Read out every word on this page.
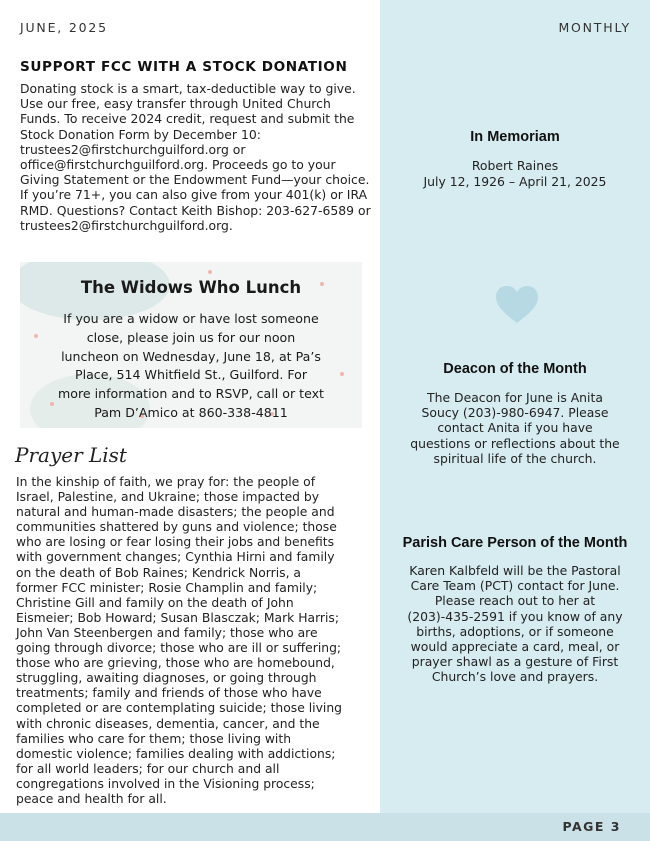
JUNE, 2025	MONTHLY
SUPPORT FCC WITH A STOCK DONATION
Donating stock is a smart, tax-deductible way to give.
Use our free, easy transfer through United Church
Funds. To receive 2024 credit, request and submit the
Stock Donation Form by December 10:
trustees2@firstchurchguilford.org or
office@firstchurchguilford.org. Proceeds go to your
Giving Statement or the Endowment Fund—your choice.
If you’re 71+, you can also give from your 401(k) or IRA
RMD. Questions? Contact Keith Bishop: 203-627-6589 or
trustees2@firstchurchguilford.org.
The Widows Who Lunch
If you are a widow or have lost someone
close, please join us for our noon
luncheon on Wednesday, June 18, at Pa’s
Place, 514 Whitfield St., Guilford. For
more information and to RSVP, call or text
Pam D’Amico at 860-338-4811
Prayer List
In the kinship of faith, we pray for: the people of
Israel, Palestine, and Ukraine; those impacted by
natural and human-made disasters; the people and
communities shattered by guns and violence; those
who are losing or fear losing their jobs and benefits
with government changes; Cynthia Hirni and family
on the death of Bob Raines; Kendrick Norris, a
former FCC minister; Rosie Champlin and family;
Christine Gill and family on the death of John
Eismeier; Bob Howard; Susan Blasczak; Mark Harris;
John Van Steenbergen and family; those who are
going through divorce; those who are ill or suffering;
those who are grieving, those who are homebound,
struggling, awaiting diagnoses, or going through
treatments; family and friends of those who have
completed or are contemplating suicide; those living
with chronic diseases, dementia, cancer, and the
families who care for them; those living with
domestic violence; families dealing with addictions;
for all world leaders; for our church and all
congregations involved in the Visioning process;
peace and health for all.
In Memoriam
Robert Raines
July 12, 1926 – April 21, 2025
Deacon of the Month
The Deacon for June is Anita
Soucy (203)-980-6947. Please
contact Anita if you have
questions or reflections about the
spiritual life of the church.
Parish Care Person of the Month
Karen Kalbfeld will be the Pastoral
Care Team (PCT) contact for June.
Please reach out to her at
(203)-435-2591 if you know of any
births, adoptions, or if someone
would appreciate a card, meal, or
prayer shawl as a gesture of First
Church’s love and prayers.
PAGE 3
